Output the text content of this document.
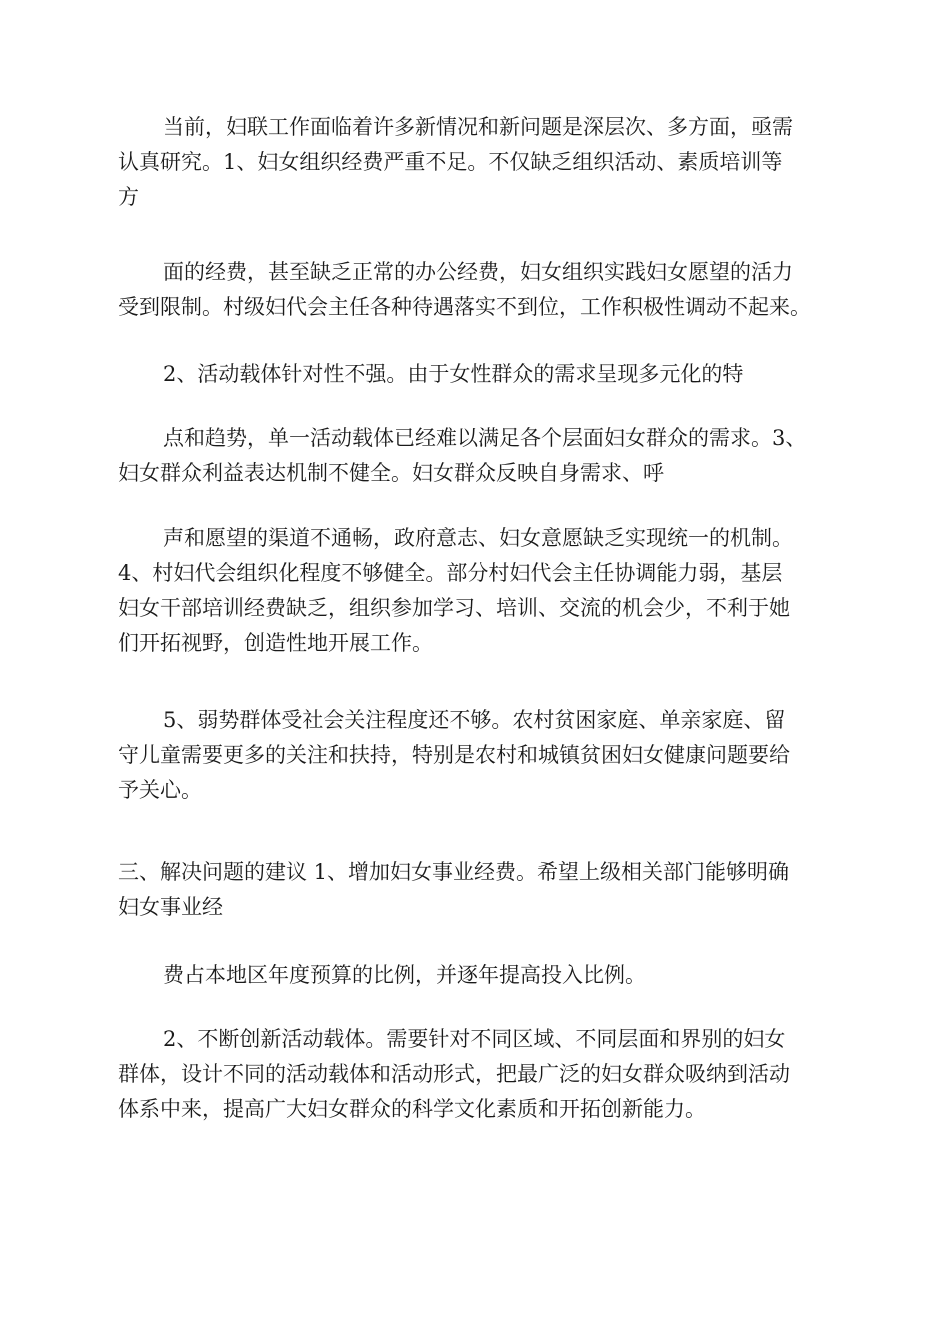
当前，妇联工作面临着许多新情况和新问题是深层次、多方面，亟需
认真研究。1、妇女组织经费严重不足。不仅缺乏组织活动、素质培训等
方

面的经费，甚至缺乏正常的办公经费，妇女组织实践妇女愿望的活力
受到限制。村级妇代会主任各种待遇落实不到位，工作积极性调动不起来。

2、活动载体针对性不强。由于女性群众的需求呈现多元化的特

点和趋势，单一活动载体已经难以满足各个层面妇女群众的需求。3、
妇女群众利益表达机制不健全。妇女群众反映自身需求、呼

声和愿望的渠道不通畅，政府意志、妇女意愿缺乏实现统一的机制。
4、村妇代会组织化程度不够健全。部分村妇代会主任协调能力弱，基层
妇女干部培训经费缺乏，组织参加学习、培训、交流的机会少，不利于她
们开拓视野，创造性地开展工作。

5、弱势群体受社会关注程度还不够。农村贫困家庭、单亲家庭、留
守儿童需要更多的关注和扶持，特别是农村和城镇贫困妇女健康问题要给
予关心。

三、解决问题的建议 1、增加妇女事业经费。希望上级相关部门能够明确
妇女事业经

费占本地区年度预算的比例，并逐年提高投入比例。

2、不断创新活动载体。需要针对不同区域、不同层面和界别的妇女
群体，设计不同的活动载体和活动形式，把最广泛的妇女群众吸纳到活动
体系中来，提高广大妇女群众的科学文化素质和开拓创新能力。
